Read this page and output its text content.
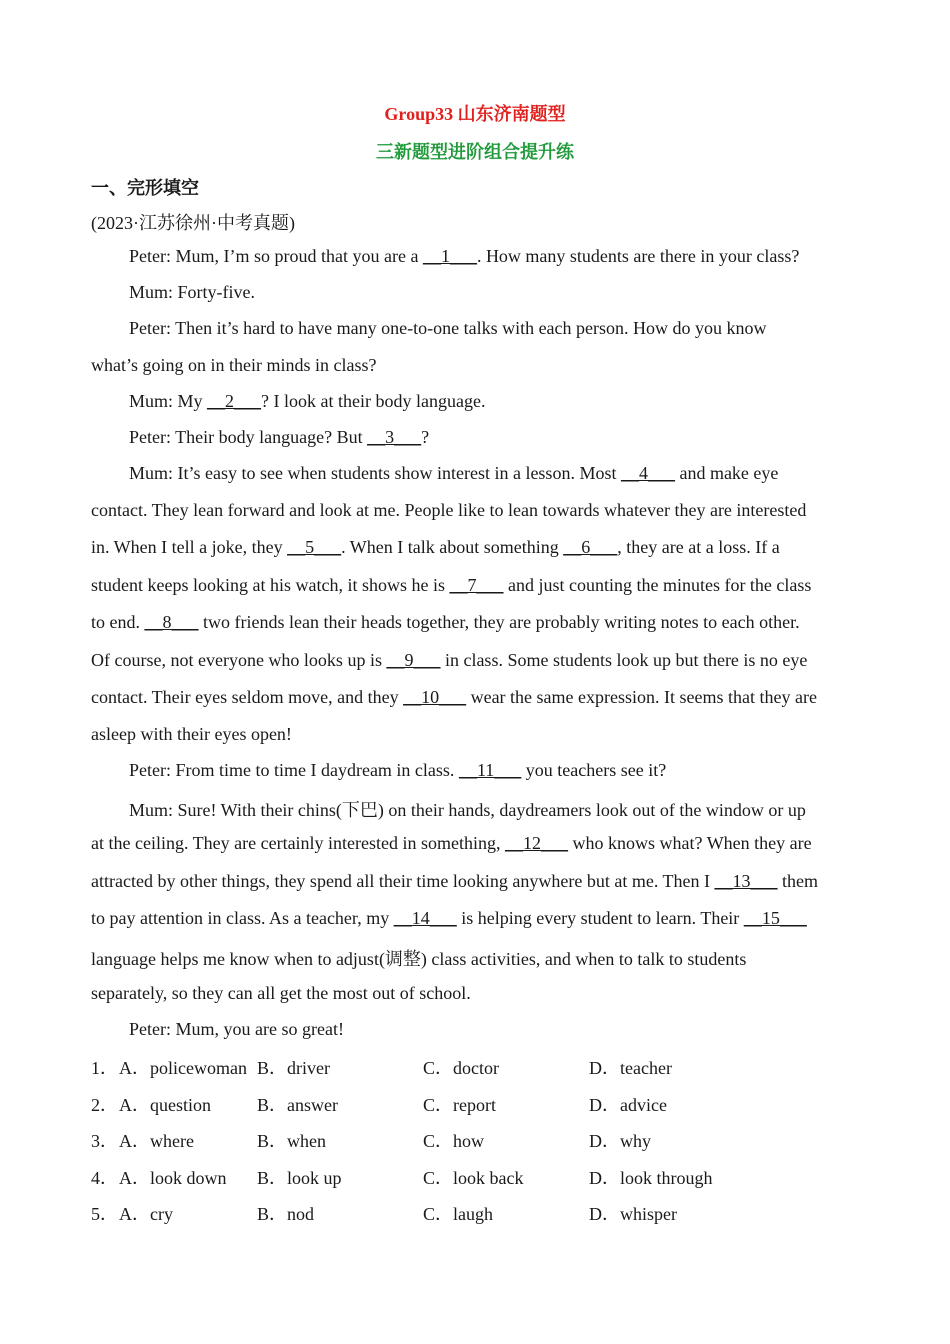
Group33 山东济南题型
三新题型进阶组合提升练
一、完形填空
(2023·江苏徐州·中考真题)
Peter: Mum, I’m so proud that you are a __1___. How many students are there in your class?
Mum: Forty-five.
Peter: Then it’s hard to have many one-to-one talks with each person. How do you know
what’s going on in their minds in class?
Mum: My __2___? I look at their body language.
Peter: Their body language? But __3___?
Mum: It’s easy to see when students show interest in a lesson. Most __4___ and make eye
contact. They lean forward and look at me. People like to lean towards whatever they are interested
in. When I tell a joke, they __5___. When I talk about something __6___, they are at a loss. If a
student keeps looking at his watch, it shows he is __7___ and just counting the minutes for the class
to end. __8___ two friends lean their heads together, they are probably writing notes to each other.
Of course, not everyone who looks up is __9___ in class. Some students look up but there is no eye
contact. Their eyes seldom move, and they __10___ wear the same expression. It seems that they are
asleep with their eyes open!
Peter: From time to time I daydream in class. __11___ you teachers see it?
Mum: Sure! With their chins(下巴) on their hands, daydreamers look out of the window or up
at the ceiling. They are certainly interested in something, __12___ who knows what? When they are
attracted by other things, they spend all their time looking anywhere but at me. Then I __13___ them
to pay attention in class. As a teacher, my __14___ is helping every student to learn. Their __15___
language helps me know when to adjust(调整) class activities, and when to talk to students
separately, so they can all get the most out of school.
Peter: Mum, you are so great!
1． A．policewoman B．driver	C．doctor	D．teacher
2． A．question	B．answer	C．report	D．advice
3． A．where	B．when	C．how	D．why
4． A．look down B．look up	C．look back	D．look through
5． A．cry	B．nod	C．laugh	D．whisper
